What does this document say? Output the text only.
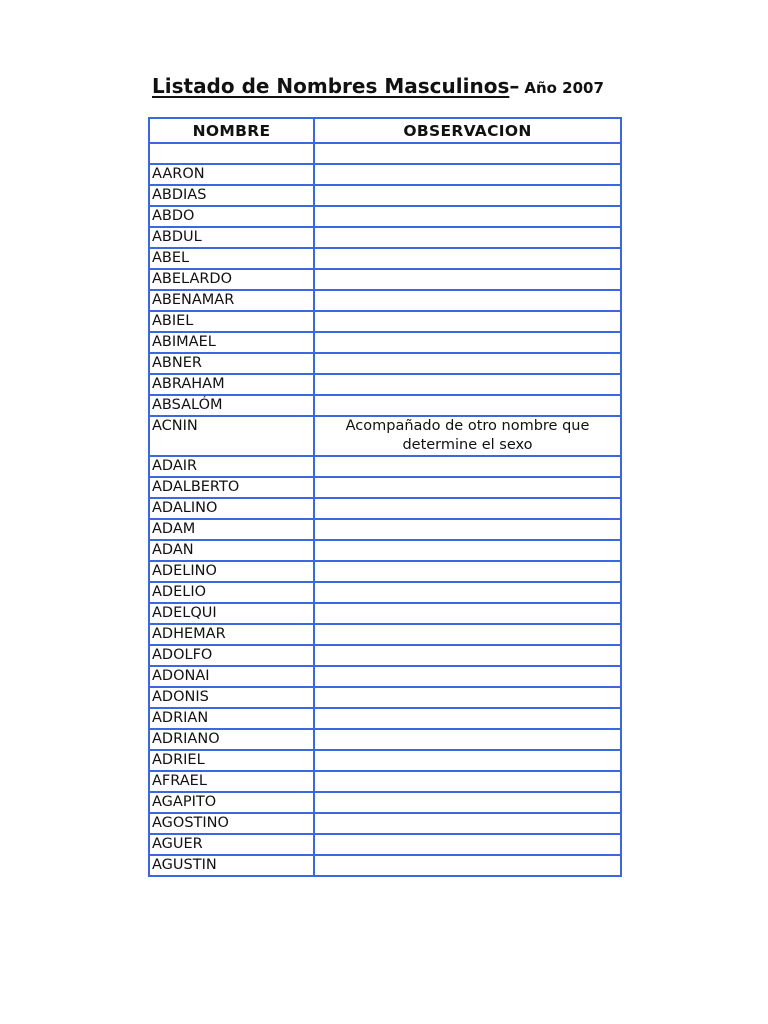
Listado de Nombres Masculinos– Año 2007
NOMBRE	OBSERVACION

AARON	
ABDIAS	
ABDO	
ABDUL	
ABEL	
ABELARDO	
ABENAMAR	
ABIEL	
ABIMAEL	
ABNER	
ABRAHAM	
ABSALÓM	
ACNIN	Acompañado de otro nombre que determine el sexo
ADAIR	
ADALBERTO	
ADALINO	
ADAM	
ADAN	
ADELINO	
ADELIO	
ADELQUI	
ADHEMAR	
ADOLFO	
ADONAI	
ADONIS	
ADRIAN	
ADRIANO	
ADRIEL	
AFRAEL	
AGAPITO	
AGOSTINO	
AGUER	
AGUSTIN	
